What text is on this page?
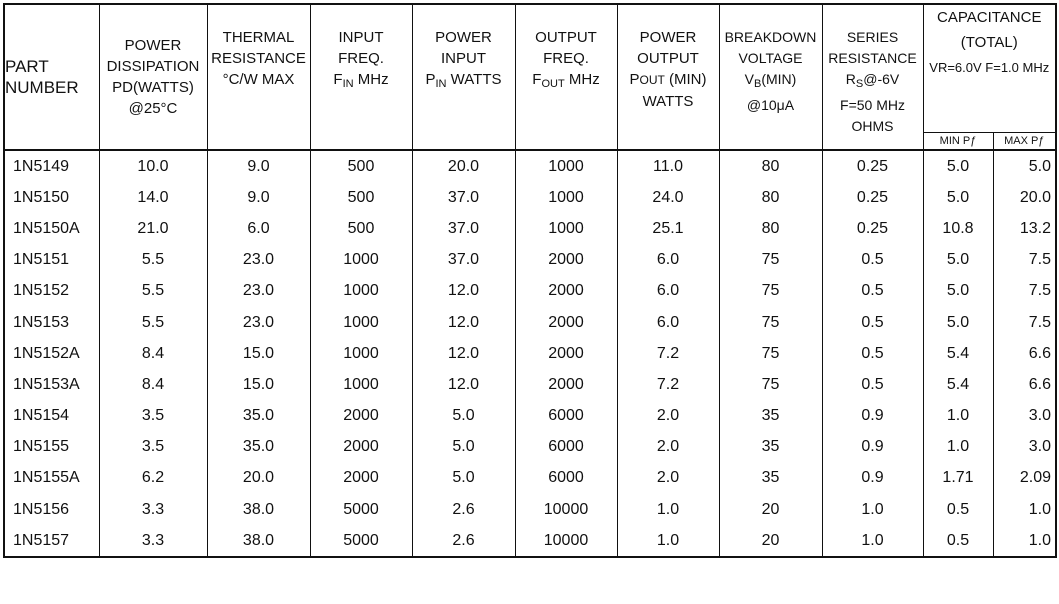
PART
NUMBER	POWER
DISSIPATION
PD(WATTS)
@25°C	THERMAL
RESISTANCE
°C/W MAX	INPUT
FREQ.
$F_{IN}$ MHz	POWER
INPUT
$P_{IN}$ WATTS	OUTPUT
FREQ.
$F_{OUT}$ MHz	POWER
OUTPUT
POUT (MIN)
WATTS	BREAKDOWN
VOLTAGE
$V_B(MIN)$
@10μA	SERIES
RESISTANCE
$R_S@-6V$
F=50 MHz
OHMS	CAPACITANCE
(TOTAL)
VR=6.0V F=1.0 MHz	

									MIN Pƒ	MAX Pƒ
1N5149	10.0	9.0	500	20.0	1000	11.0	80	0.25	5.0	5.0
1N5150	14.0	9.0	500	37.0	1000	24.0	80	0.25	5.0	20.0
1N5150A	21.0	6.0	500	37.0	1000	25.1	80	0.25	10.8	13.2
1N5151	5.5	23.0	1000	37.0	2000	6.0	75	0.5	5.0	7.5
1N5152	5.5	23.0	1000	12.0	2000	6.0	75	0.5	5.0	7.5
1N5153	5.5	23.0	1000	12.0	2000	6.0	75	0.5	5.0	7.5
1N5152A	8.4	15.0	1000	12.0	2000	7.2	75	0.5	5.4	6.6
1N5153A	8.4	15.0	1000	12.0	2000	7.2	75	0.5	5.4	6.6
1N5154	3.5	35.0	2000	5.0	6000	2.0	35	0.9	1.0	3.0
1N5155	3.5	35.0	2000	5.0	6000	2.0	35	0.9	1.0	3.0
1N5155A	6.2	20.0	2000	5.0	6000	2.0	35	0.9	1.71	2.09
1N5156	3.3	38.0	5000	2.6	10000	1.0	20	1.0	0.5	1.0
1N5157	3.3	38.0	5000	2.6	10000	1.0	20	1.0	0.5	1.0
